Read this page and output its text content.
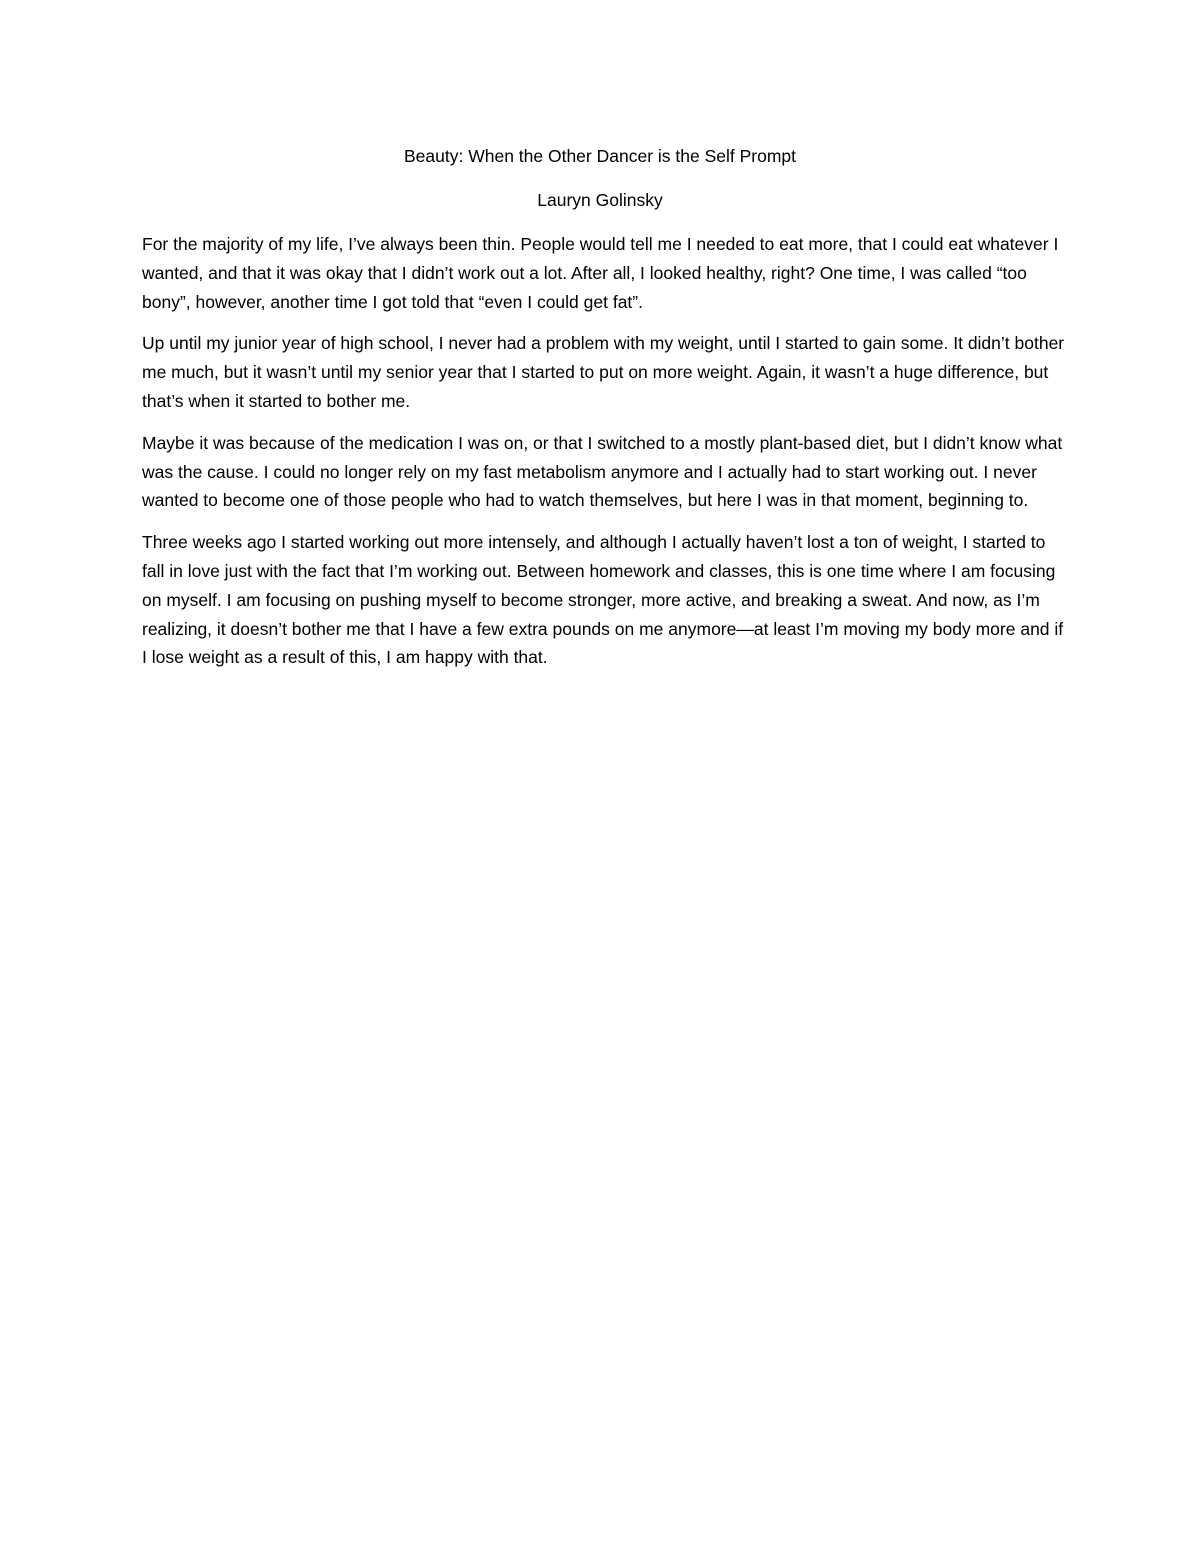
Beauty: When the Other Dancer is the Self Prompt

Lauryn Golinsky

For the majority of my life, I’ve always been thin. People would tell me I needed to eat more, that I could eat whatever I wanted, and that it was okay that I didn’t work out a lot. After all, I looked healthy, right? One time, I was called “too bony”, however, another time I got told that “even I could get fat”.

Up until my junior year of high school, I never had a problem with my weight, until I started to gain some. It didn’t bother me much, but it wasn’t until my senior year that I started to put on more weight. Again, it wasn’t a huge difference, but that’s when it started to bother me.

Maybe it was because of the medication I was on, or that I switched to a mostly plant-based diet, but I didn’t know what was the cause. I could no longer rely on my fast metabolism anymore and I actually had to start working out. I never wanted to become one of those people who had to watch themselves, but here I was in that moment, beginning to.

Three weeks ago I started working out more intensely, and although I actually haven’t lost a ton of weight, I started to fall in love just with the fact that I’m working out. Between homework and classes, this is one time where I am focusing on myself. I am focusing on pushing myself to become stronger, more active, and breaking a sweat. And now, as I’m realizing, it doesn’t bother me that I have a few extra pounds on me anymore—at least I’m moving my body more and if I lose weight as a result of this, I am happy with that.
